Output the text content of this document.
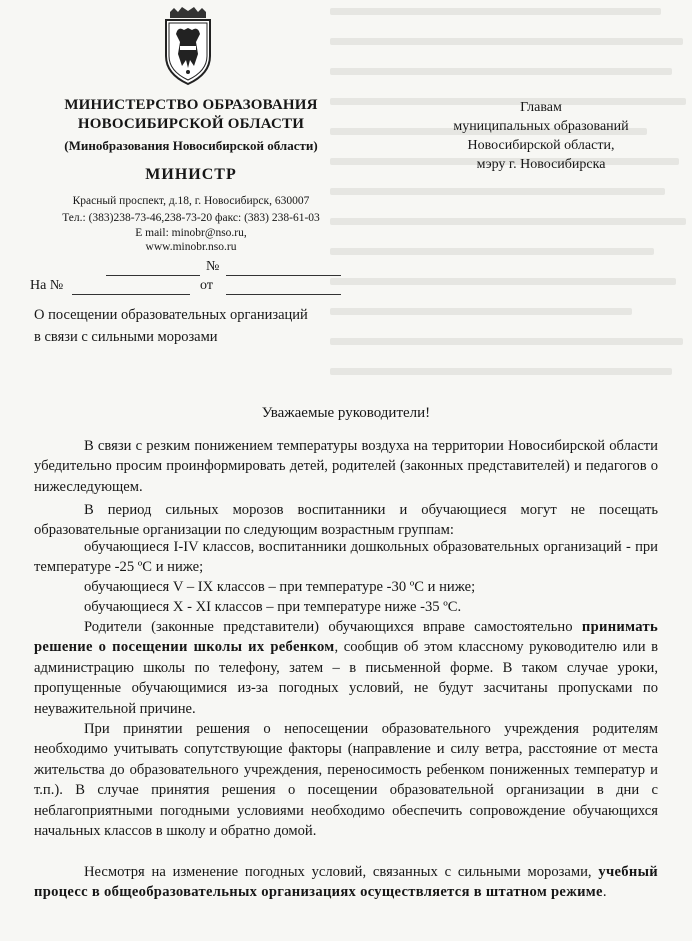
МИНИСТЕРСТВО ОБРАЗОВАНИЯ
НОВОСИБИРСКОЙ ОБЛАСТИ
(Минобразования Новосибирской области)
МИНИСТР
Красный проспект, д.18, г. Новосибирск, 630007
Тел.: (383)238-73-46,238-73-20 факс: (383) 238-61-03
E mail: minobr@nso.ru,
www.minobr.nso.ru
Главам
муниципальных образований
Новосибирской области,
мэру г. Новосибирска
№
На №	от
О посещении образовательных организаций
в связи с сильными морозами
Уважаемые руководители!

В связи с резким понижением температуры воздуха на территории Новосибирской области убедительно просим проинформировать детей, родителей (законных представителей) и педагогов о нижеследующем.

В период сильных морозов воспитанники и обучающиеся могут не посещать образовательные организации по следующим возрастным группам:

обучающиеся I-IV классов, воспитанники дошкольных образовательных организаций - при температуре -25 ºС и ниже;

обучающиеся V – IX классов – при температуре -30 ºС и ниже;

обучающиеся X - XI классов – при температуре ниже -35 ºС.

Родители (законные представители) обучающихся вправе самостоятельно принимать решение о посещении школы их ребенком, сообщив об этом классному руководителю или в администрацию школы по телефону, затем – в письменной форме. В таком случае уроки, пропущенные обучающимися из-за погодных условий, не будут засчитаны пропусками по неуважительной причине.

При принятии решения о непосещении образовательного учреждения родителям необходимо учитывать сопутствующие факторы (направление и силу ветра, расстояние от места жительства до образовательного учреждения, переносимость ребенком пониженных температур и т.п.). В случае принятия решения о посещении образовательной организации в дни с неблагоприятными погодными условиями необходимо обеспечить сопровождение обучающихся начальных классов в школу и обратно домой.

Несмотря на изменение погодных условий, связанных с сильными морозами, учебный процесс в общеобразовательных организациях осуществляется в штатном режиме.
